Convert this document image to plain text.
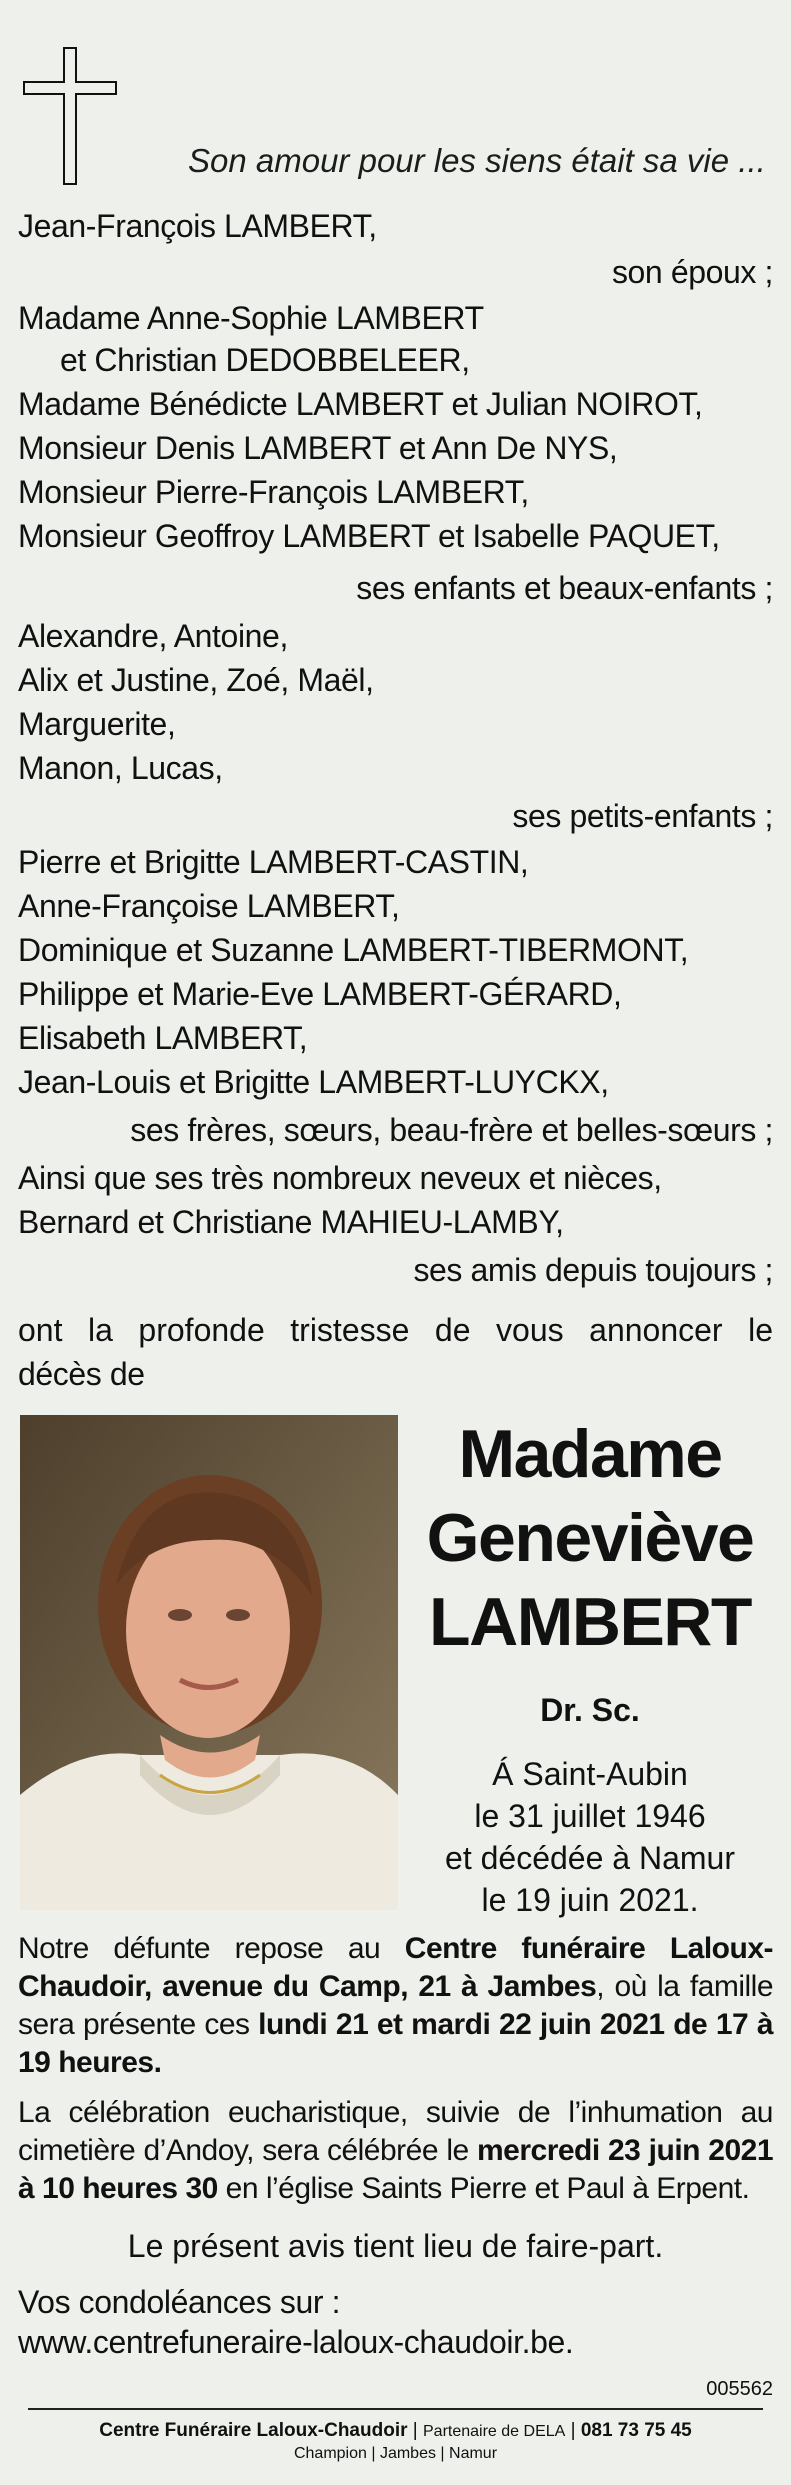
Son amour pour les siens était sa vie ...
Jean-François LAMBERT,
son époux ;
Madame Anne-Sophie LAMBERT
et Christian DEDOBBELEER,
Madame Bénédicte LAMBERT et Julian NOIROT,
Monsieur Denis LAMBERT et Ann De NYS,
Monsieur Pierre-François LAMBERT,
Monsieur Geoffroy LAMBERT et Isabelle PAQUET,
ses enfants et beaux-enfants ;
Alexandre, Antoine,
Alix et Justine, Zoé, Maël,
Marguerite,
Manon, Lucas,
ses petits-enfants ;
Pierre et Brigitte LAMBERT-CASTIN,
Anne-Françoise LAMBERT,
Dominique et Suzanne LAMBERT-TIBERMONT,
Philippe et Marie-Eve LAMBERT-GÉRARD,
Elisabeth LAMBERT,
Jean-Louis et Brigitte LAMBERT-LUYCKX,
ses frères, sœurs, beau-frère et belles-sœurs ;
Ainsi que ses très nombreux neveux et nièces,
Bernard et Christiane MAHIEU-LAMBY,
ses amis depuis toujours ;
ont la profonde tristesse de vous annoncer le
décès de
Madame
Geneviève
LAMBERT
Dr. Sc.
Á Saint-Aubin
le 31 juillet 1946
et décédée à Namur
le 19 juin 2021.
Notre défunte repose au Centre funéraire Laloux-Chaudoir, avenue du Camp, 21 à Jambes, où la famille sera présente ces lundi 21 et mardi 22 juin 2021 de 17 à 19 heures.
La célébration eucharistique, suivie de l’inhumation au cimetière d’Andoy, sera célébrée le mercredi 23 juin 2021 à 10 heures 30 en l’église Saints Pierre et Paul à Erpent.
Le présent avis tient lieu de faire-part.
Vos condoléances sur :
www.centrefuneraire-laloux-chaudoir.be.
005562
Centre Funéraire Laloux-Chaudoir | Partenaire de DELA | 081 73 75 45
Champion | Jambes | Namur
